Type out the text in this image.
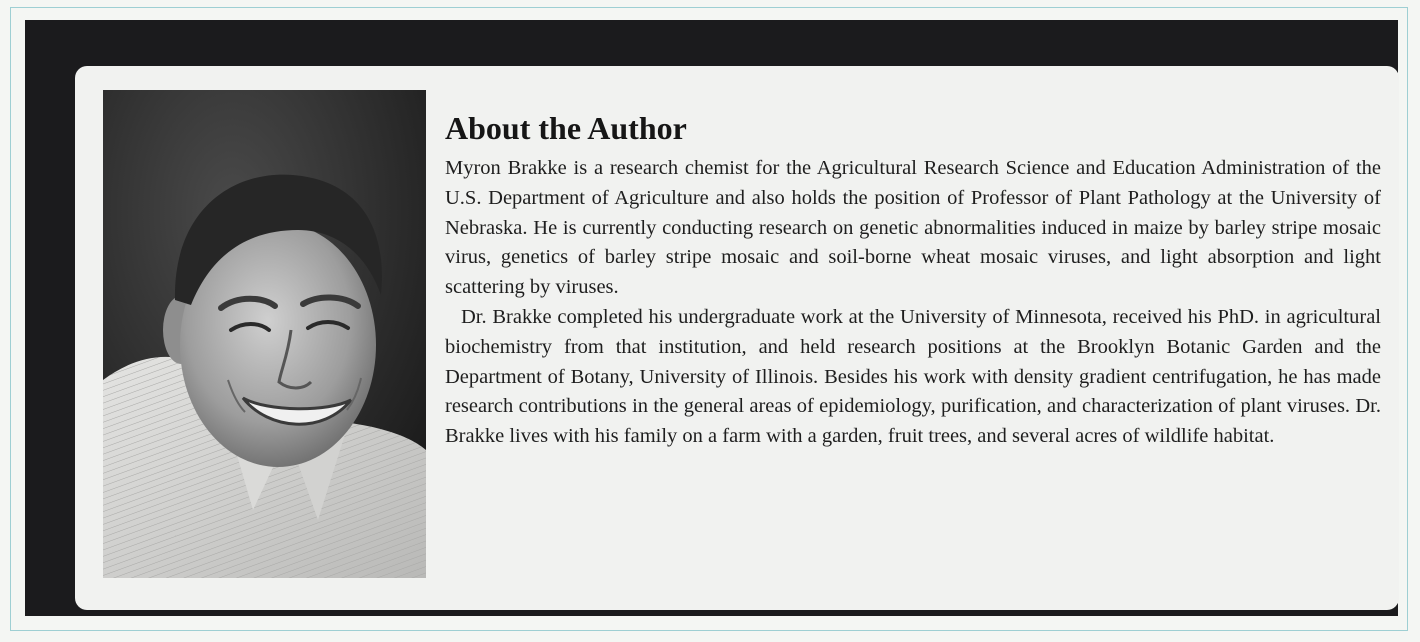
About the Author

Myron Brakke is a research chemist for the Agricultural Research Science and Education Administration of the U.S. Department of Agriculture and also holds the position of Professor of Plant Pathology at the University of Nebraska. He is currently conducting research on genetic abnormalities induced in maize by barley stripe mosaic virus, genetics of barley stripe mosaic and soil-borne wheat mosaic viruses, and light absorption and light scattering by viruses.

Dr. Brakke completed his undergraduate work at the University of Minnesota, received his PhD. in agricultural biochemistry from that institution, and held research positions at the Brooklyn Botanic Garden and the Department of Botany, University of Illinois. Besides his work with density gradient centrifugation, he has made research contributions in the general areas of epidemiology, purification, and characterization of plant viruses. Dr. Brakke lives with his family on a farm with a garden, fruit trees, and several acres of wildlife habitat.
